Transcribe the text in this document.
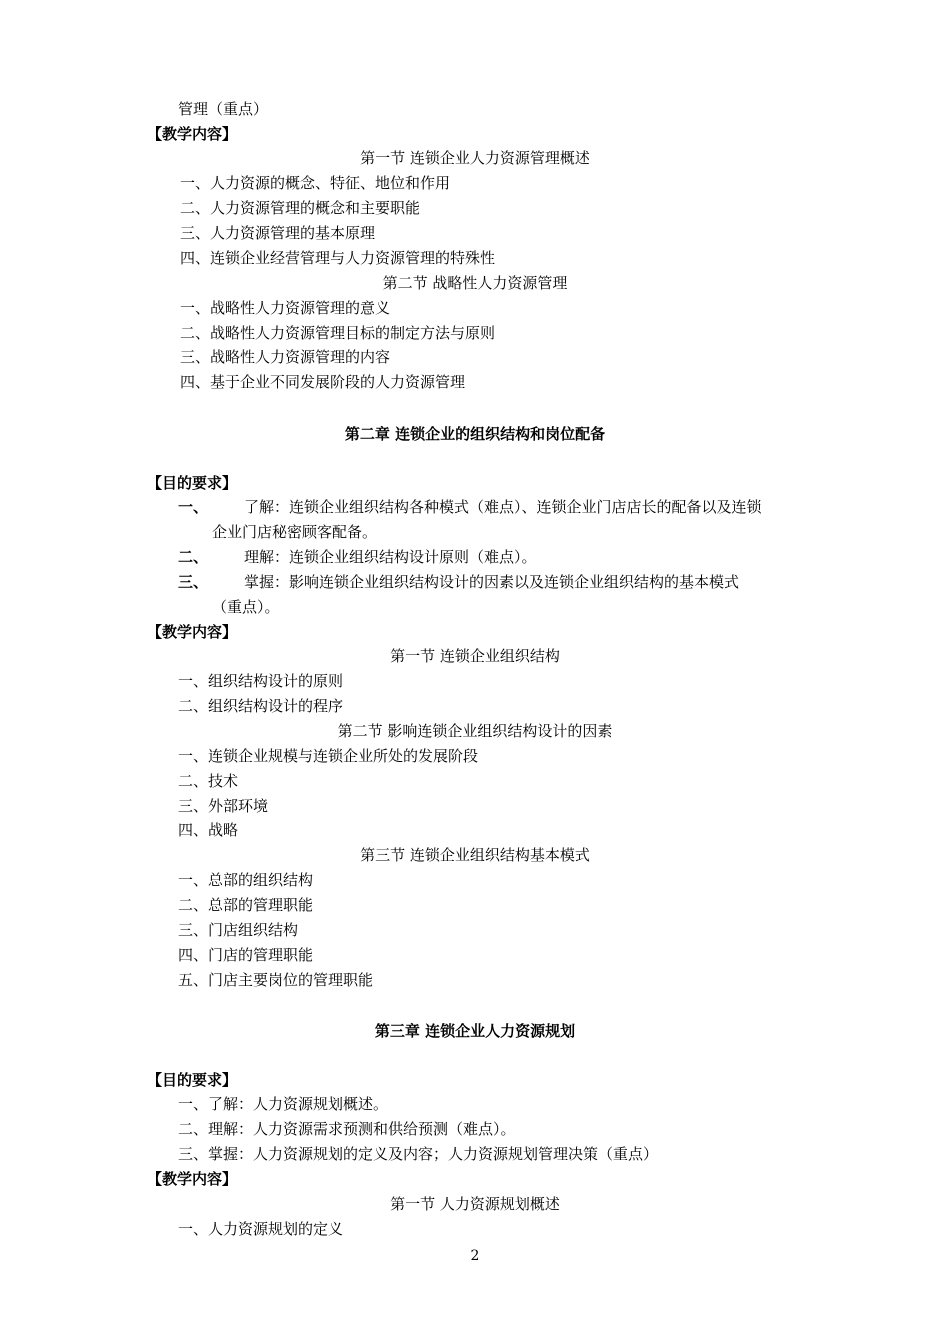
管理（重点）
【教学内容】
第一节 连锁企业人力资源管理概述
一、人力资源的概念、特征、地位和作用
二、人力资源管理的概念和主要职能
三、人力资源管理的基本原理
四、连锁企业经营管理与人力资源管理的特殊性
第二节 战略性人力资源管理
一、战略性人力资源管理的意义
二、战略性人力资源管理目标的制定方法与原则
三、战略性人力资源管理的内容
四、基于企业不同发展阶段的人力资源管理
第二章 连锁企业的组织结构和岗位配备
【目的要求】
一、 了解：连锁企业组织结构各种模式（难点）、连锁企业门店店长的配备以及连锁
企业门店秘密顾客配备。
二、 理解：连锁企业组织结构设计原则（难点）。
三、 掌握：影响连锁企业组织结构设计的因素以及连锁企业组织结构的基本模式
（重点）。
【教学内容】
第一节 连锁企业组织结构
一、组织结构设计的原则
二、组织结构设计的程序
第二节 影响连锁企业组织结构设计的因素
一、连锁企业规模与连锁企业所处的发展阶段
二、技术
三、外部环境
四、战略
第三节 连锁企业组织结构基本模式
一、总部的组织结构
二、总部的管理职能
三、门店组织结构
四、门店的管理职能
五、门店主要岗位的管理职能
第三章 连锁企业人力资源规划
【目的要求】
一、了解：人力资源规划概述。
二、理解：人力资源需求预测和供给预测（难点）。
三、掌握：人力资源规划的定义及内容；人力资源规划管理决策（重点）
【教学内容】
第一节 人力资源规划概述
一、人力资源规划的定义
2
